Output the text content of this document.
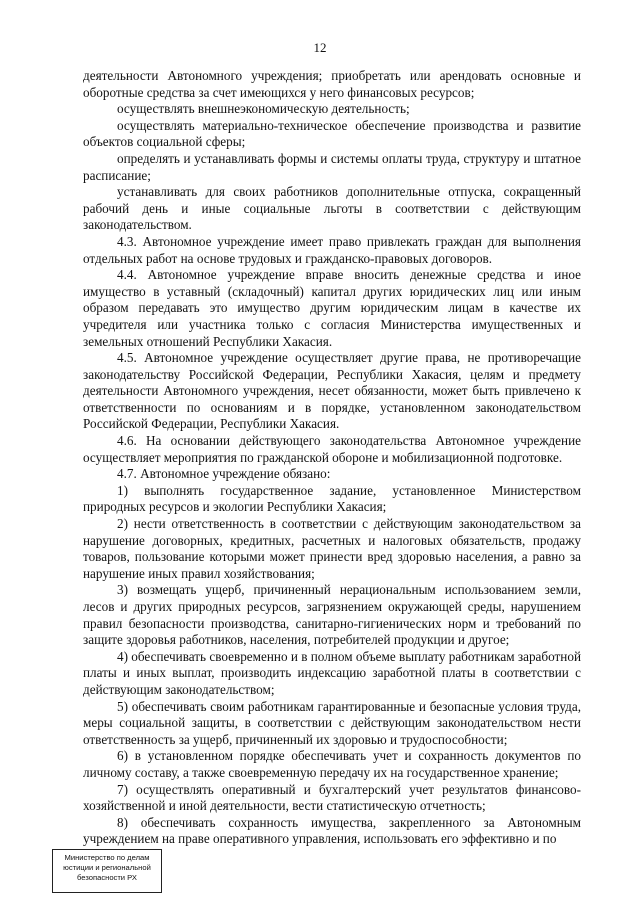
12

деятельности Автономного учреждения; приобретать или арендовать основные и оборотные средства за счет имеющихся у него финансовых ресурсов;

осуществлять внешнеэкономическую деятельность;

осуществлять материально-техническое обеспечение производства и развитие объектов социальной сферы;

определять и устанавливать формы и системы оплаты труда, структуру и штатное расписание;

устанавливать для своих работников дополнительные отпуска, сокращенный рабочий день и иные социальные льготы в соответствии с действующим законодательством.

4.3. Автономное учреждение имеет право привлекать граждан для выполнения отдельных работ на основе трудовых и гражданско-правовых договоров.

4.4. Автономное учреждение вправе вносить денежные средства и иное имущество в уставный (складочный) капитал других юридических лиц или иным образом передавать это имущество другим юридическим лицам в качестве их учредителя или участника только с согласия Министерства имущественных и земельных отношений Республики Хакасия.

4.5. Автономное учреждение осуществляет другие права, не противоречащие законодательству Российской Федерации, Республики Хакасия, целям и предмету деятельности Автономного учреждения, несет обязанности, может быть привлечено к ответственности по основаниям и в порядке, установленном законодательством Российской Федерации, Республики Хакасия.

4.6. На основании действующего законодательства Автономное учреждение осуществляет мероприятия по гражданской обороне и мобилизационной подготовке.

4.7. Автономное учреждение обязано:

1) выполнять государственное задание, установленное Министерством природных ресурсов и экологии Республики Хакасия;

2) нести ответственность в соответствии с действующим законодательством за нарушение договорных, кредитных, расчетных и налоговых обязательств, продажу товаров, пользование которыми может принести вред здоровью населения, а равно за нарушение иных правил хозяйствования;

3) возмещать ущерб, причиненный нерациональным использованием земли, лесов и других природных ресурсов, загрязнением окружающей среды, нарушением правил безопасности производства, санитарно-гигиенических норм и требований по защите здоровья работников, населения, потребителей продукции и другое;

4) обеспечивать своевременно и в полном объеме выплату работникам заработной платы и иных выплат, производить индексацию заработной платы в соответствии с действующим законодательством;

5) обеспечивать своим работникам гарантированные и безопасные условия труда, меры социальной защиты, в соответствии с действующим законодательством нести ответственность за ущерб, причиненный их здоровью и трудоспособности;

6) в установленном порядке обеспечивать учет и сохранность документов по личному составу, а также своевременную передачу их на государственное хранение;

7) осуществлять оперативный и бухгалтерский учет результатов финансово-хозяйственной и иной деятельности, вести статистическую отчетность;

8) обеспечивать сохранность имущества, закрепленного за Автономным учреждением на праве оперативного управления, использовать его эффективно и по

Министерство по делам
юстиции и региональной
безопасности РХ
